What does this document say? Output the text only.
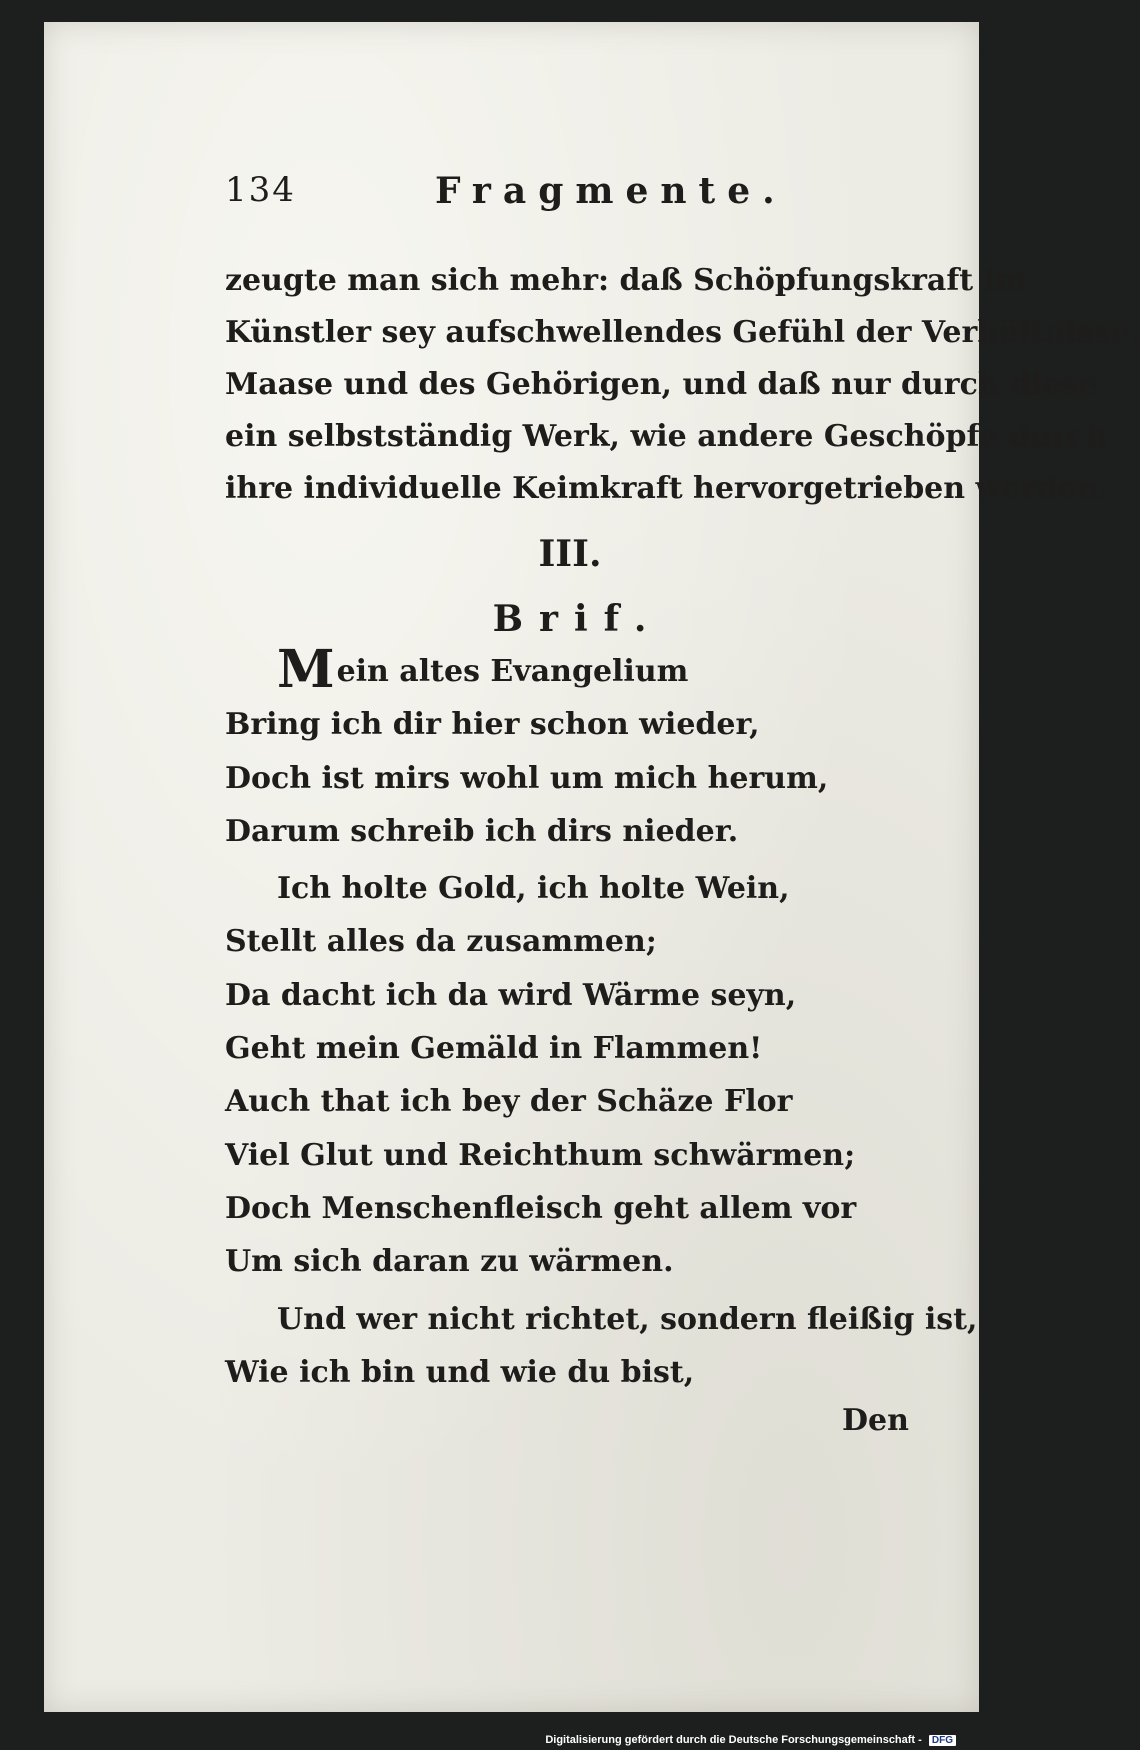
134	Fragmente.
zeugte man sich mehr: daß Schöpfungskraft im
Künstler sey aufschwellendes Gefühl der Verhältnisse,
Maase und des Gehörigen, und daß nur durch diese
ein selbstständig Werk, wie andere Geschöpfe durch
ihre individuelle Keimkraft hervorgetrieben werden.
III.
Brif.
Mein altes Evangelium
Bring ich dir hier schon wieder,
Doch ist mirs wohl um mich herum,
Darum schreib ich dirs nieder.
Ich holte Gold, ich holte Wein,
Stellt alles da zusammen;
Da dacht ich da wird Wärme seyn,
Geht mein Gemäld in Flammen!
Auch that ich bey der Schäze Flor
Viel Glut und Reichthum schwärmen;
Doch Menschenfleisch geht allem vor
Um sich daran zu wärmen.
Und wer nicht richtet, sondern fleißig ist,
Wie ich bin und wie du bist,
Den
Digitalisierung gefördert durch die Deutsche Forschungsgemeinschaft - DFG
